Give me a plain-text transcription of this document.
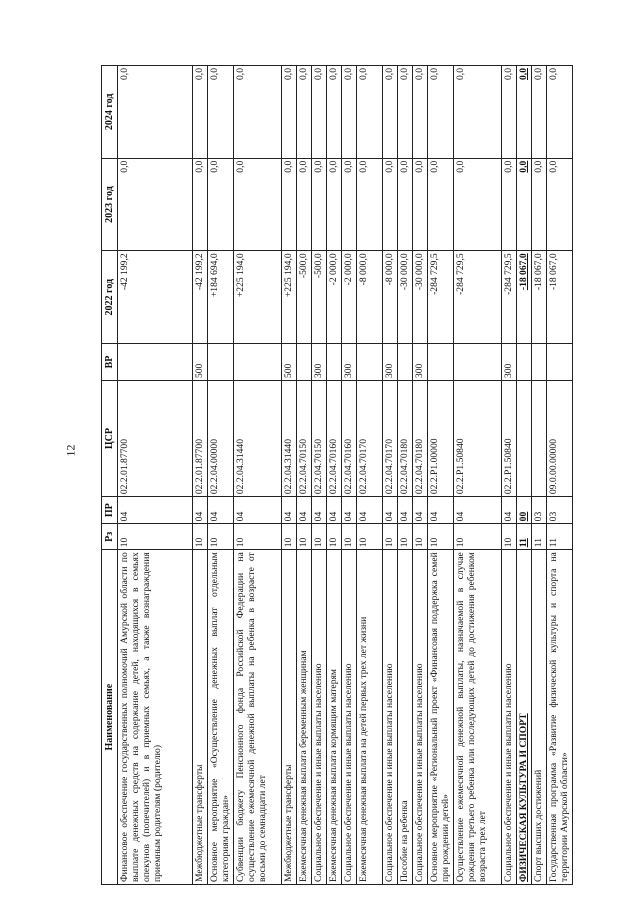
12
Наименование	Рз	ПР	ЦСР	ВР	2022 год	2023 год	2024 год
Финансовое обеспечение государственных полномочий Амурской области по выплате денежных средств на содержание детей, находящихся в семьях опекунов (попечителей) и в приемных семьях, а также вознаграждения приемным родителям (родителю)	10	04	02.2.01.87700		-42 199,2	0,0	0,0
Межбюджетные трансферты	10	04	02.2.01.87700	500	-42 199,2	0,0	0,0
Основное мероприятие «Осуществление денежных выплат отдельным категориям граждан»	10	04	02.2.04.00000		+184 694,0	0,0	0,0
Субвенции бюджету Пенсионного фонда Российской Федерации на осуществление ежемесячной денежной выплаты на ребенка в возрасте от восьми до семнадцати лет	10	04	02.2.04.31440		+225 194,0	0,0	0,0
Межбюджетные трансферты	10	04	02.2.04.31440	500	+225 194,0	0,0	0,0
Ежемесячная денежная выплата беременным женщинам	10	04	02.2.04.70150		-500,0	0,0	0,0
Социальное обеспечение и иные выплаты населению	10	04	02.2.04.70150	300	-500,0	0,0	0,0
Ежемесячная денежная выплата кормящим матерям	10	04	02.2.04.70160		-2 000,0	0,0	0,0
Социальное обеспечение и иные выплаты населению	10	04	02.2.04.70160	300	-2 000,0	0,0	0,0
Ежемесячная денежная выплата на детей первых трех лет жизни	10	04	02.2.04.70170		-8 000,0	0,0	0,0
Социальное обеспечение и иные выплаты населению	10	04	02.2.04.70170	300	-8 000,0	0,0	0,0
Пособие на ребенка	10	04	02.2.04.70180		-30 000,0	0,0	0,0
Социальное обеспечение и иные выплаты населению	10	04	02.2.04.70180	300	-30 000,0	0,0	0,0
Основное мероприятие «Региональный проект «Финансовая поддержка семей при рождении детей»	10	04	02.2.P1.00000		-284 729,5	0,0	0,0
Осуществление ежемесячной денежной выплаты, назначаемой в случае рождения третьего ребенка или последующих детей до достижения ребенком возраста трех лет	10	04	02.2.P1.50840		-284 729,5	0,0	0,0
Социальное обеспечение и иные выплаты населению	10	04	02.2.P1.50840	300	-284 729,5	0,0	0,0
ФИЗИЧЕСКАЯ КУЛЬТУРА И СПОРТ	11	00			-18 067,0	0,0	0,0
Спорт высших достижений	11	03			-18 067,0	0,0	0,0
Государственная программа «Развитие физической культуры и спорта на территории Амурской области»	11	03	09.0.00.00000		-18 067,0	0,0	0,0
